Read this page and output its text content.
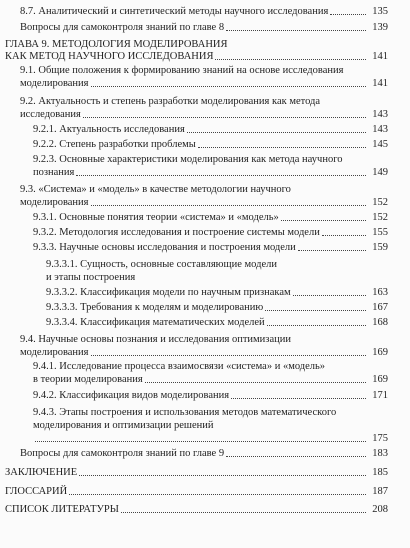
8.7. Аналитический и синтетический методы научного исследования	135
Вопросы для самоконтроля знаний по главе 8	139
ГЛАВА 9. МЕТОДОЛОГИЯ МОДЕЛИРОВАНИЯ
КАК МЕТОД НАУЧНОГО ИССЛЕДОВАНИЯ	141
9.1. Общие положения к формированию знаний на основе исследования
моделирования	141
9.2. Актуальность и степень разработки моделирования как метода
исследования	143
9.2.1. Актуальность исследования	143
9.2.2. Степень разработки проблемы	145
9.2.3. Основные характеристики моделирования как метода научного
познания	149
9.3. «Система» и «модель» в качестве методологии научного
моделирования	152
9.3.1. Основные понятия теории «система» и «модель»	152
9.3.2. Методология исследования и построение системы модели	155
9.3.3. Научные основы исследования и построения модели	159
9.3.3.1. Сущность, основные составляющие модели
и этапы построения
9.3.3.2. Классификация модели по научным признакам	163
9.3.3.3. Требования к моделям и моделированию	167
9.3.3.4. Классификация математических моделей	168
9.4. Научные основы познания и исследования оптимизации
моделирования	169
9.4.1. Исследование процесса взаимосвязи «система» и «модель»
в теории моделирования	169
9.4.2. Классификация видов моделирования	171
9.4.3. Этапы построения и использования методов математического
моделирования и оптимизации решений
175
Вопросы для самоконтроля знаний по главе 9	183
ЗАКЛЮЧЕНИЕ	185
ГЛОССАРИЙ	187
СПИСОК ЛИТЕРАТУРЫ	208
